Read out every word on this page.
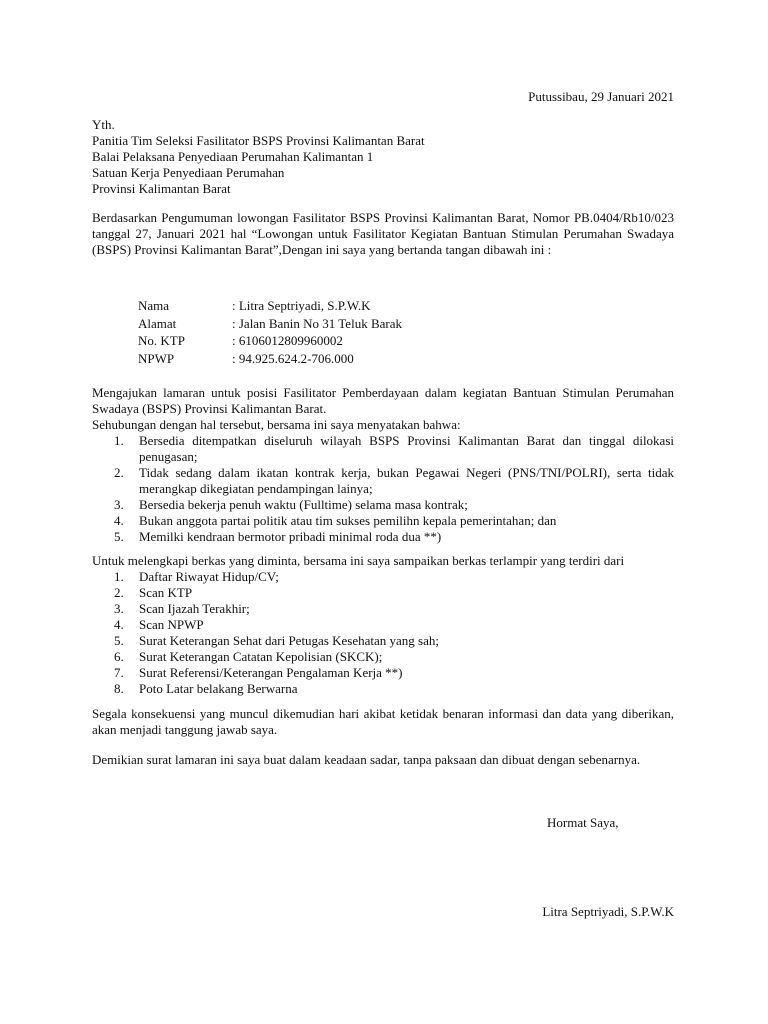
Putussibau, 29 Januari 2021
Yth.
Panitia Tim Seleksi Fasilitator BSPS Provinsi Kalimantan Barat
Balai Pelaksana Penyediaan Perumahan Kalimantan 1
Satuan Kerja Penyediaan Perumahan
Provinsi Kalimantan Barat
Berdasarkan Pengumuman lowongan Fasilitator BSPS Provinsi Kalimantan Barat, Nomor PB.0404/Rb10/023 tanggal 27, Januari 2021 hal “Lowongan untuk Fasilitator Kegiatan Bantuan Stimulan Perumahan Swadaya (BSPS) Provinsi Kalimantan Barat”,Dengan ini saya yang bertanda tangan dibawah ini :
Nama	: Litra Septriyadi, S.P.W.K
Alamat	: Jalan Banin No 31 Teluk Barak
No. KTP	: 6106012809960002
NPWP	: 94.925.624.2-706.000
Mengajukan lamaran untuk posisi Fasilitator Pemberdayaan dalam kegiatan Bantuan Stimulan Perumahan Swadaya (BSPS) Provinsi Kalimantan Barat.
Sehubungan dengan hal tersebut, bersama ini saya menyatakan bahwa:
1. Bersedia ditempatkan diseluruh wilayah BSPS Provinsi Kalimantan Barat dan tinggal dilokasi penugasan;
2. Tidak sedang dalam ikatan kontrak kerja, bukan Pegawai Negeri (PNS/TNI/POLRI), serta tidak merangkap dikegiatan pendampingan lainya;
3. Bersedia bekerja penuh waktu (Fulltime) selama masa kontrak;
4. Bukan anggota partai politik atau tim sukses pemilihn kepala pemerintahan; dan
5. Memilki kendraan bermotor pribadi minimal roda dua **)
Untuk melengkapi berkas yang diminta, bersama ini saya sampaikan berkas terlampir yang terdiri dari
1. Daftar Riwayat Hidup/CV;
2. Scan KTP
3. Scan Ijazah Terakhir;
4. Scan NPWP
5. Surat Keterangan Sehat dari Petugas Kesehatan yang sah;
6. Surat Keterangan Catatan Kepolisian (SKCK);
7. Surat Referensi/Keterangan Pengalaman Kerja **)
8. Poto Latar belakang Berwarna
Segala konsekuensi yang muncul dikemudian hari akibat ketidak benaran informasi dan data yang diberikan, akan menjadi tanggung jawab saya.
Demikian surat lamaran ini saya buat dalam keadaan sadar, tanpa paksaan dan dibuat dengan sebenarnya.
Hormat Saya,
Litra Septriyadi, S.P.W.K
